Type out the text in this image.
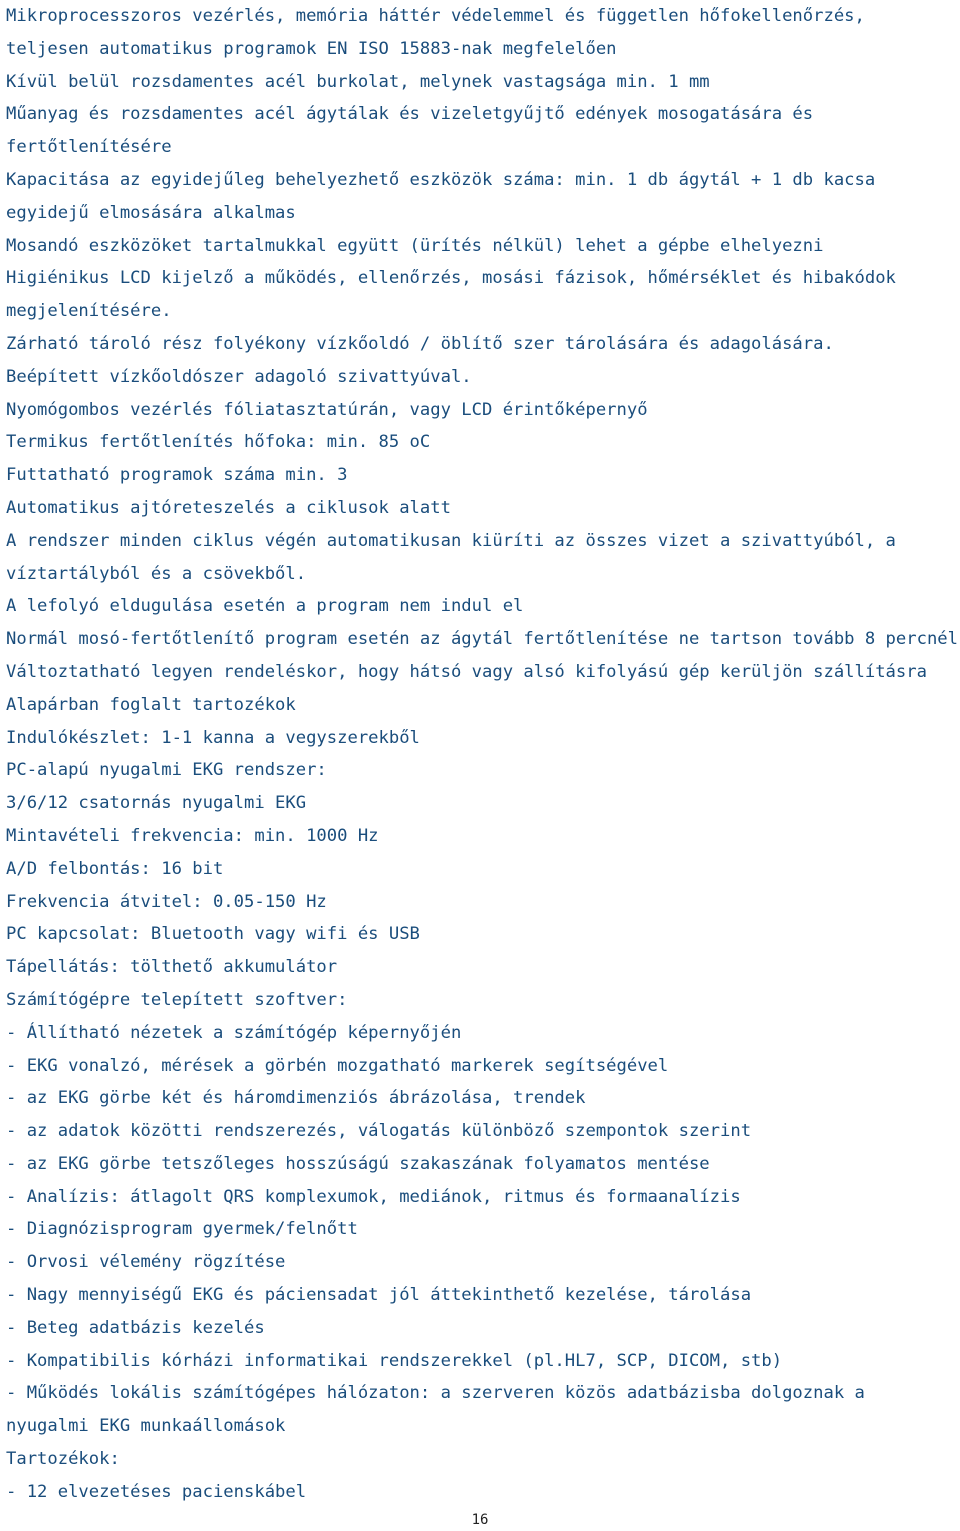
Mikroprocesszoros vezérlés, memória háttér védelemmel és független hőfokellenőrzés,
teljesen automatikus programok EN ISO 15883-nak megfelelően
Kívül belül rozsdamentes acél burkolat, melynek vastagsága min. 1 mm
Műanyag és rozsdamentes acél ágytálak és vizeletgyűjtő edények mosogatására és
fertőtlenítésére
Kapacitása az egyidejűleg behelyezhető eszközök száma: min. 1 db ágytál + 1 db kacsa
egyidejű elmosására alkalmas
Mosandó eszközöket tartalmukkal együtt (ürítés nélkül) lehet a gépbe elhelyezni
Higiénikus LCD kijelző a működés, ellenőrzés, mosási fázisok, hőmérséklet és hibakódok
megjelenítésére.
Zárható tároló rész folyékony vízkőoldó / öblítő szer tárolására és adagolására.
Beépített vízkőoldószer adagoló szivattyúval.
Nyomógombos vezérlés fóliatasztatúrán, vagy LCD érintőképernyő
Termikus fertőtlenítés hőfoka: min. 85 oC
Futtatható programok száma min. 3
Automatikus ajtóreteszelés a ciklusok alatt
A rendszer minden ciklus végén automatikusan kiüríti az összes vizet a szivattyúból, a
víztartályból és a csövekből.
A lefolyó eldugulása esetén a program nem indul el
Normál mosó-fertőtlenítő program esetén az ágytál fertőtlenítése ne tartson tovább 8 percnél
Változtatható legyen rendeléskor, hogy hátsó vagy alsó kifolyású gép kerüljön szállításra
Alapárban foglalt tartozékok
Indulókészlet: 1-1 kanna a vegyszerekből
PC-alapú nyugalmi EKG rendszer:
3/6/12 csatornás nyugalmi EKG
Mintavételi frekvencia: min. 1000 Hz
A/D felbontás: 16 bit
Frekvencia átvitel: 0.05-150 Hz
PC kapcsolat: Bluetooth vagy wifi és USB
Tápellátás: tölthető akkumulátor
Számítógépre telepített szoftver:
- Állítható nézetek a számítógép képernyőjén
- EKG vonalzó, mérések a görbén mozgatható markerek segítségével
- az EKG görbe két és háromdimenziós ábrázolása, trendek
- az adatok közötti rendszerezés, válogatás különböző szempontok szerint
- az EKG görbe tetszőleges hosszúságú szakaszának folyamatos mentése
- Analízis: átlagolt QRS komplexumok, mediánok, ritmus és formaanalízis
- Diagnózisprogram gyermek/felnőtt
- Orvosi vélemény rögzítése
- Nagy mennyiségű EKG és páciensadat jól áttekinthető kezelése, tárolása
- Beteg adatbázis kezelés
- Kompatibilis kórházi informatikai rendszerekkel (pl.HL7, SCP, DICOM, stb)
- Működés lokális számítógépes hálózaton: a szerveren közös adatbázisba dolgoznak a
nyugalmi EKG munkaállomások
Tartozékok:
- 12 elvezetéses pacienskábel
16
